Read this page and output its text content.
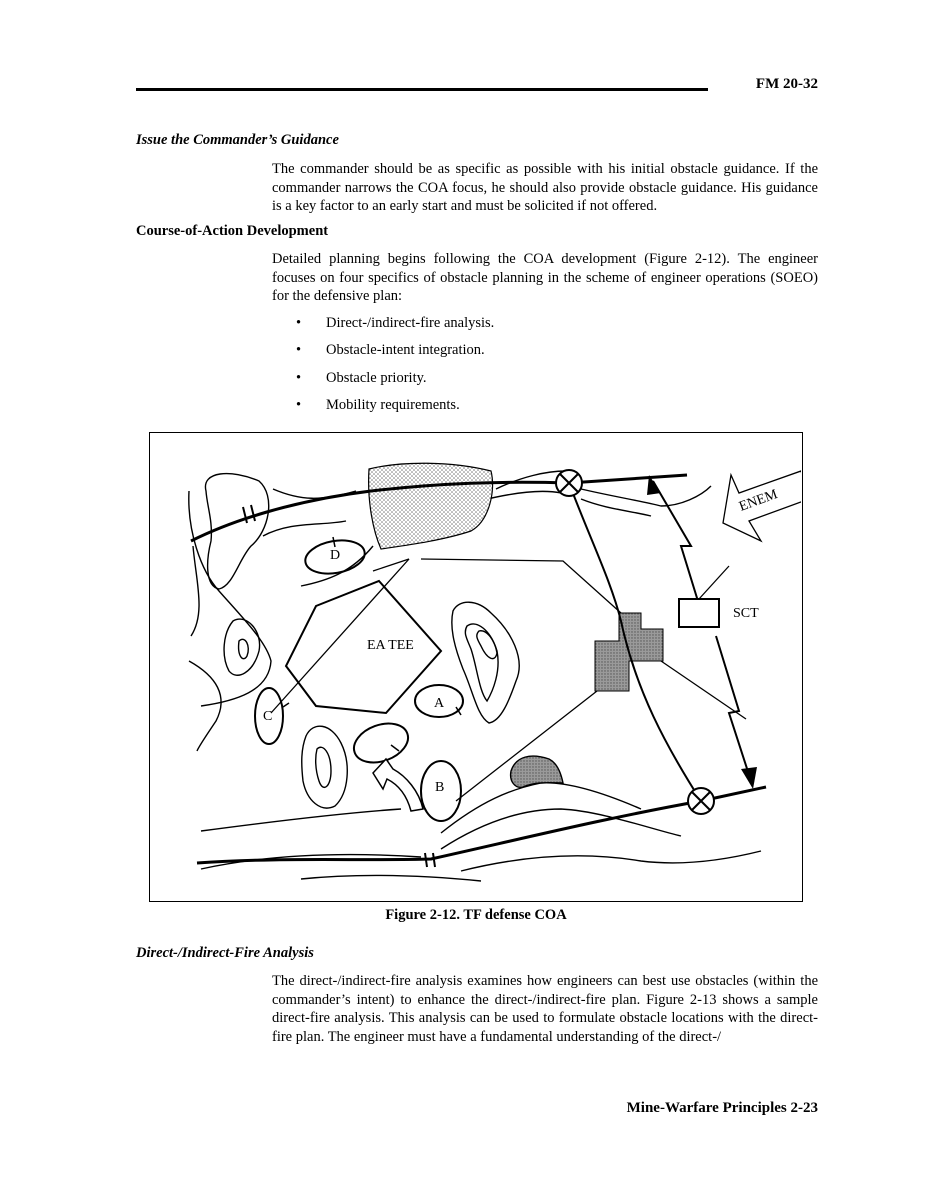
FM 20-32
Issue the Commander’s Guidance

The commander should be as specific as possible with his initial obstacle guidance. If the commander narrows the COA focus, he should also provide obstacle guidance. His guidance is a key factor to an early start and must be solicited if not offered.

Course-of-Action Development

Detailed planning begins following the COA development (Figure 2-12). The engineer focuses on four specifics of obstacle planning in the scheme of engineer operations (SOEO) for the defensive plan:

• Direct-/indirect-fire analysis.
• Obstacle-intent integration.
• Obstacle priority.
• Mobility requirements.
ENEM
SCT
EA TEE
D
A
C
B
Figure 2-12. TF defense COA
Direct-/Indirect-Fire Analysis

The direct-/indirect-fire analysis examines how engineers can best use obstacles (within the commander’s intent) to enhance the direct-/indirect-fire plan. Figure 2-13 shows a sample direct-fire analysis. This analysis can be used to formulate obstacle locations with the direct-fire plan. The engineer must have a fundamental understanding of the direct-/

Mine-Warfare Principles 2-23
